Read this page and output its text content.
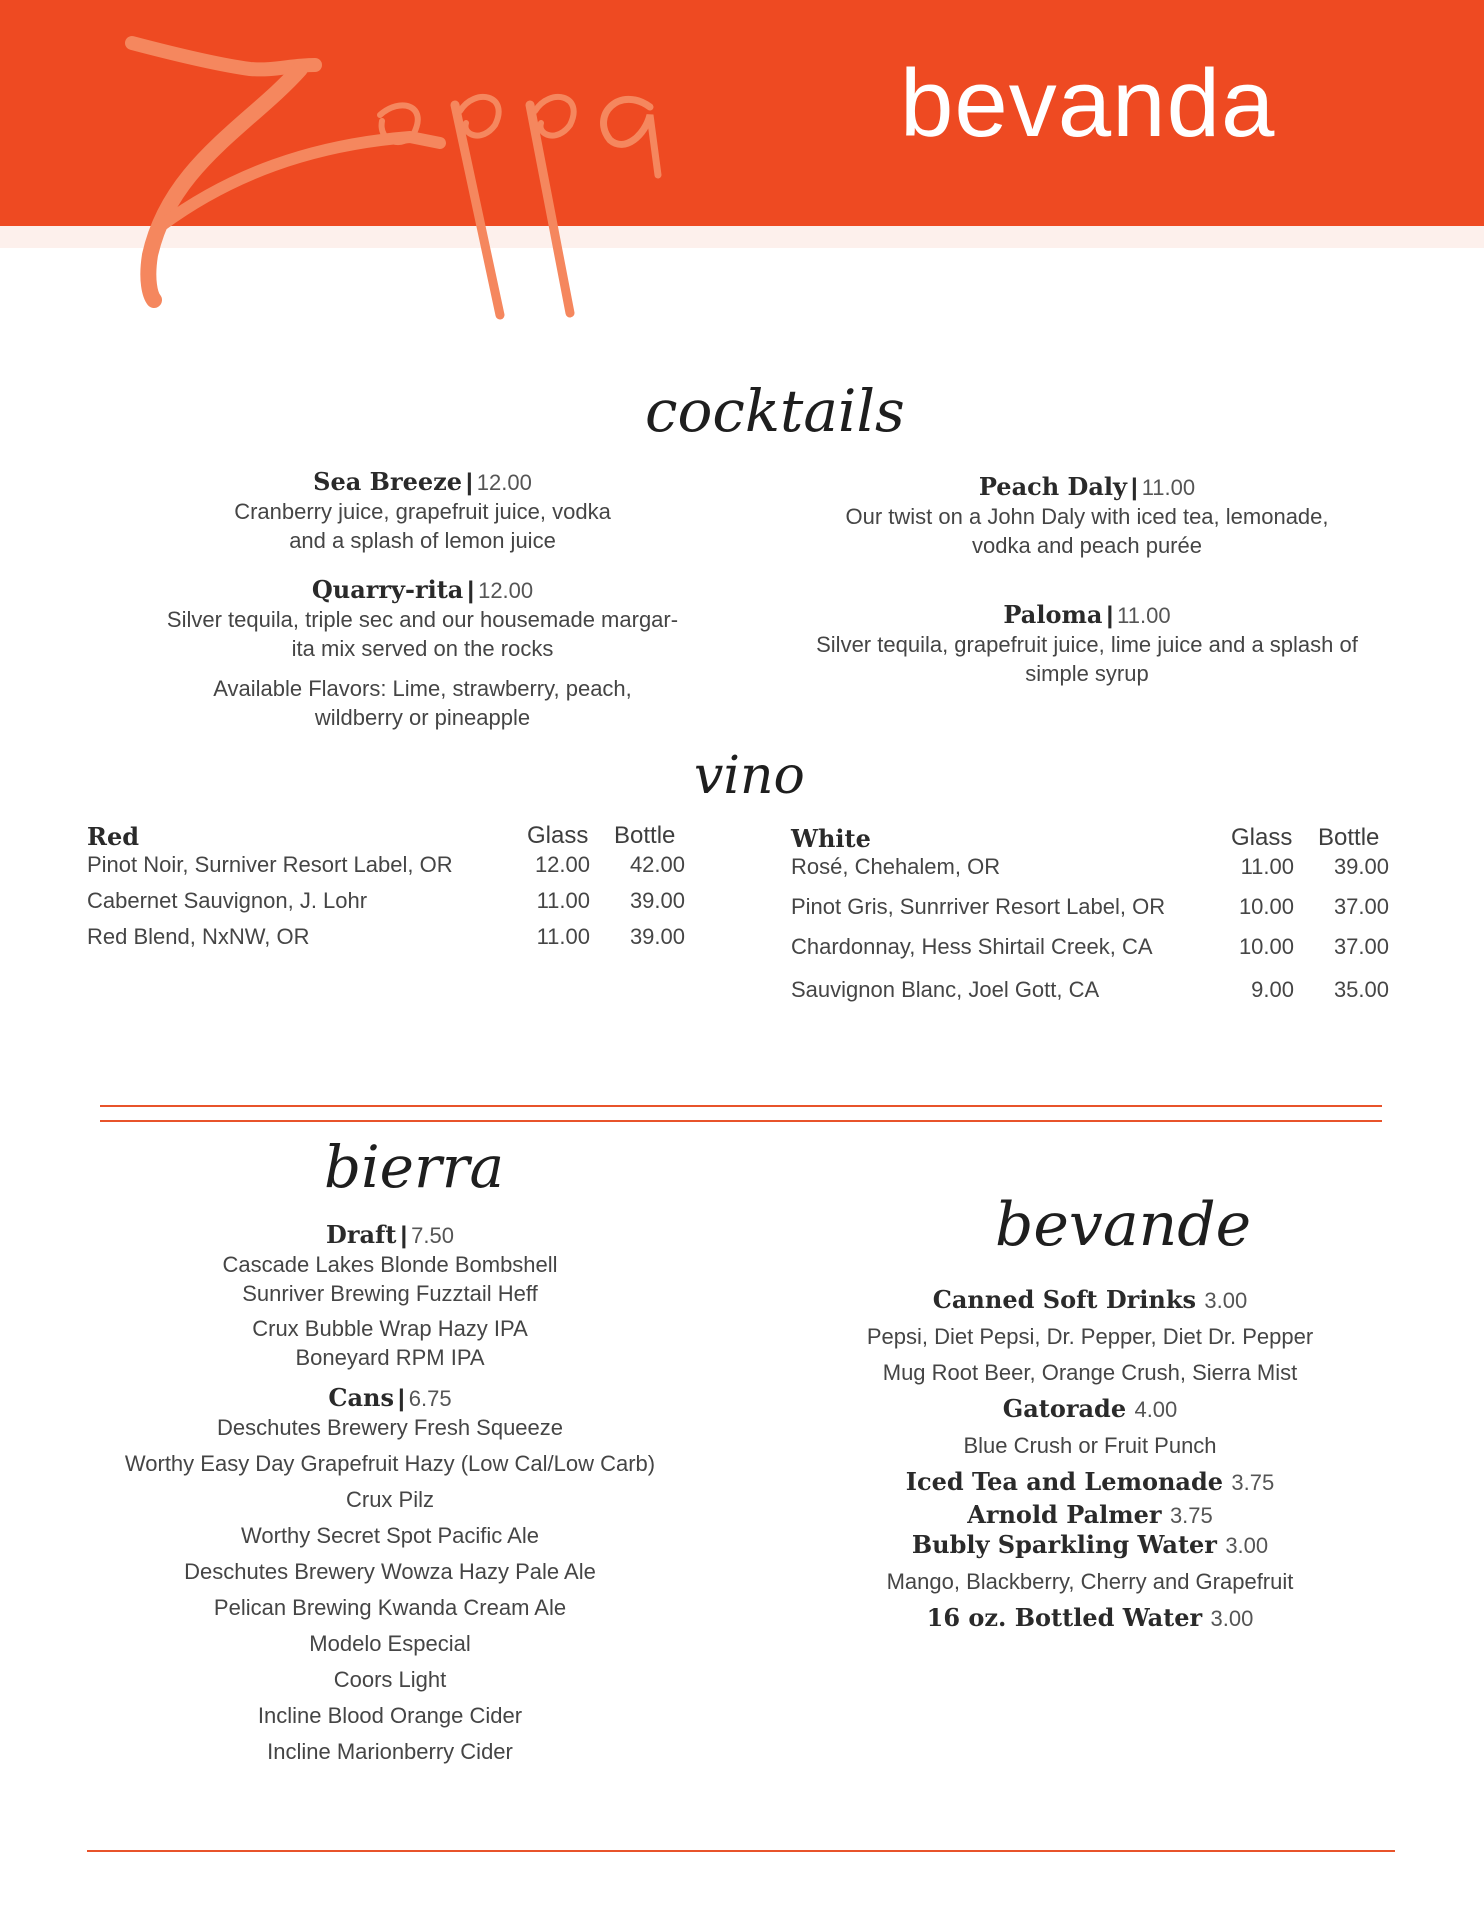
bevanda
cocktails
Sea Breeze | 12.00
Cranberry juice, grapefruit juice, vodka
and a splash of lemon juice
Quarry-rita | 12.00
Silver tequila, triple sec and our housemade margar-
ita mix served on the rocks
Available Flavors: Lime, strawberry, peach,
wildberry or pineapple
Peach Daly | 11.00
Our twist on a John Daly with iced tea, lemonade,
vodka and peach purée
Paloma | 11.00
Silver tequila, grapefruit juice, lime juice and a splash of
simple syrup
vino
Red	Glass Bottle
Pinot Noir, Surniver Resort Label, OR	12.00	42.00
Cabernet Sauvignon, J. Lohr	11.00	39.00
Red Blend, NxNW, OR	11.00	39.00
White	Glass Bottle
Rosé, Chehalem, OR	11.00	39.00
Pinot Gris, Sunrriver Resort Label, OR	10.00	37.00
Chardonnay, Hess Shirtail Creek, CA	10.00	37.00
Sauvignon Blanc, Joel Gott, CA	9.00	35.00
bierra
Draft | 7.50
Cascade Lakes Blonde Bombshell
Sunriver Brewing Fuzztail Heff
Crux Bubble Wrap Hazy IPA
Boneyard RPM IPA
Cans | 6.75
Deschutes Brewery Fresh Squeeze
Worthy Easy Day Grapefruit Hazy (Low Cal/Low Carb)
Crux Pilz
Worthy Secret Spot Pacific Ale
Deschutes Brewery Wowza Hazy Pale Ale
Pelican Brewing Kwanda Cream Ale
Modelo Especial
Coors Light
Incline Blood Orange Cider
Incline Marionberry Cider
bevande
Canned Soft Drinks 3.00
Pepsi, Diet Pepsi, Dr. Pepper, Diet Dr. Pepper
Mug Root Beer, Orange Crush, Sierra Mist
Gatorade 4.00
Blue Crush or Fruit Punch
Iced Tea and Lemonade 3.75
Arnold Palmer 3.75
Bubly Sparkling Water 3.00
Mango, Blackberry, Cherry and Grapefruit
16 oz. Bottled Water 3.00
